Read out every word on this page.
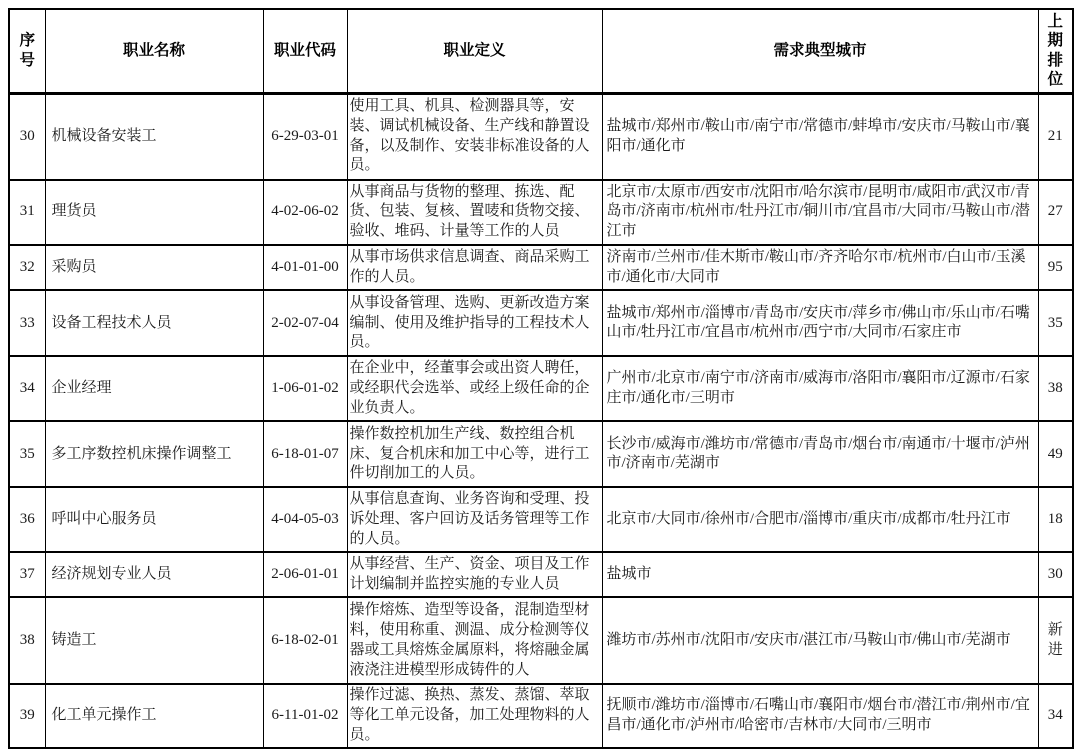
序号	职业名称	职业代码	职业定义	需求典型城市	上期排位
30	机械设备安装工	6-29-03-01	使用工具、机具、检测器具等，安装、调试机械设备、生产线和静置设备，以及制作、安装非标准设备的人员。	盐城市/郑州市/鞍山市/南宁市/常德市/蚌埠市/安庆市/马鞍山市/襄阳市/通化市	21
31	理货员	4-02-06-02	从事商品与货物的整理、拣选、配货、包装、复核、置唛和货物交接、验收、堆码、计量等工作的人员	北京市/太原市/西安市/沈阳市/哈尔滨市/昆明市/咸阳市/武汉市/青岛市/济南市/杭州市/牡丹江市/铜川市/宜昌市/大同市/马鞍山市/潜江市	27
32	采购员	4-01-01-00	从事市场供求信息调查、商品采购工作的人员。	济南市/兰州市/佳木斯市/鞍山市/齐齐哈尔市/杭州市/白山市/玉溪市/通化市/大同市	95
33	设备工程技术人员	2-02-07-04	从事设备管理、选购、更新改造方案编制、使用及维护指导的工程技术人员。	盐城市/郑州市/淄博市/青岛市/安庆市/萍乡市/佛山市/乐山市/石嘴山市/牡丹江市/宜昌市/杭州市/西宁市/大同市/石家庄市	35
34	企业经理	1-06-01-02	在企业中，经董事会或出资人聘任，或经职代会选举、或经上级任命的企业负责人。	广州市/北京市/南宁市/济南市/威海市/洛阳市/襄阳市/辽源市/石家庄市/通化市/三明市	38
35	多工序数控机床操作调整工	6-18-01-07	操作数控机加生产线、数控组合机床、复合机床和加工中心等，进行工件切削加工的人员。	长沙市/威海市/潍坊市/常德市/青岛市/烟台市/南通市/十堰市/泸州市/济南市/芜湖市	49
36	呼叫中心服务员	4-04-05-03	从事信息查询、业务咨询和受理、投诉处理、客户回访及话务管理等工作的人员。	北京市/大同市/徐州市/合肥市/淄博市/重庆市/成都市/牡丹江市	18
37	经济规划专业人员	2-06-01-01	从事经营、生产、资金、项目及工作计划编制并监控实施的专业人员	盐城市	30
38	铸造工	6-18-02-01	操作熔炼、造型等设备，混制造型材料，使用称重、测温、成分检测等仪器或工具熔炼金属原料，将熔融金属液浇注进模型形成铸件的人	潍坊市/苏州市/沈阳市/安庆市/湛江市/马鞍山市/佛山市/芜湖市	新进
39	化工单元操作工	6-11-01-02	操作过滤、换热、蒸发、蒸馏、萃取等化工单元设备，加工处理物料的人员。	抚顺市/潍坊市/淄博市/石嘴山市/襄阳市/烟台市/潜江市/荆州市/宜昌市/通化市/泸州市/哈密市/吉林市/大同市/三明市	34
